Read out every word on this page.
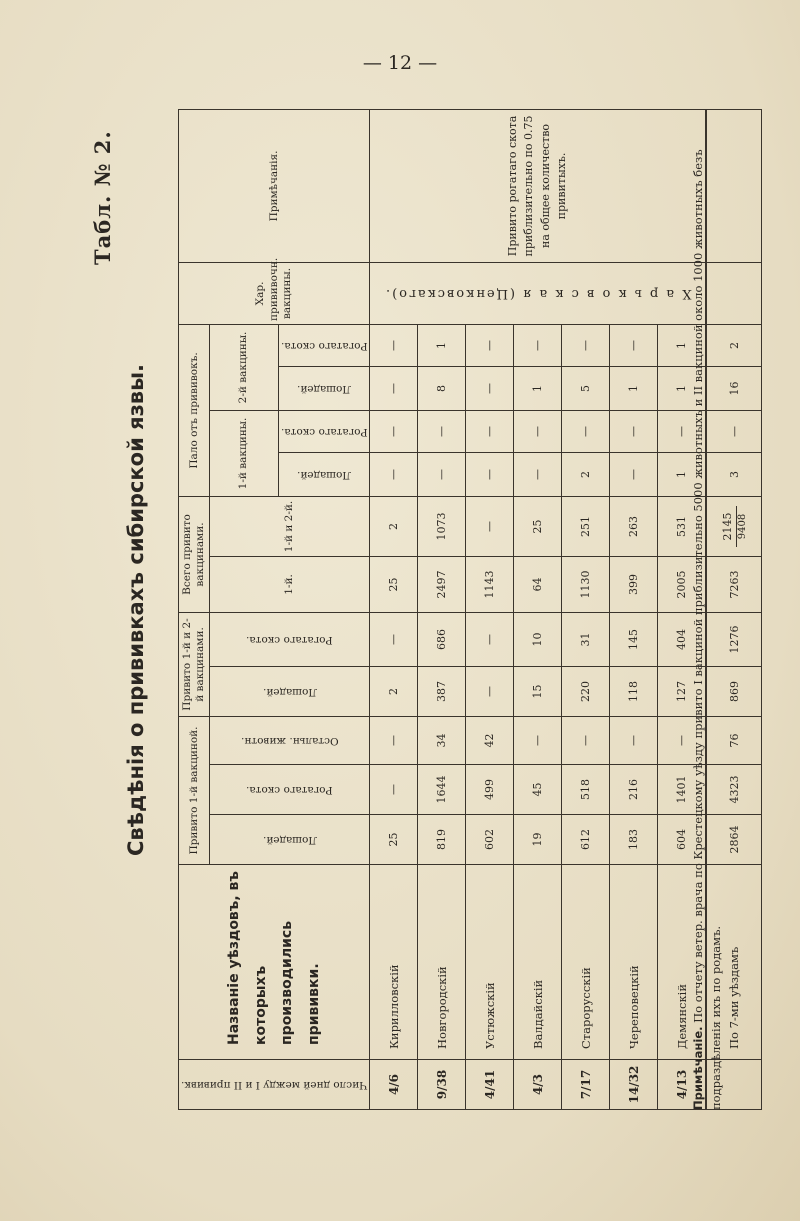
— 12 —
Табл. № 2.
Свѣдѣнія о прививкахъ сибирской язвы.
Число дней между I и II прививк.	Названіе уѣздовъ, въ которыхъ производились прививки.	Привито 1-й вакциной.			Привито 1-й и 2-й вакцинами.		Всего привито вакцинами.		Пало отъ прививокъ.				Хар. прививочн. вакцины.	Примѣчанія.

		Лошадей.	Рогатаго скота.	Остальн. животн.	Лошадей.	Рогатаго скота.	1-й.	1-й и 2-й.	1-й вакцины.		2-й вакцины.			

									Лошадей.	Рогатаго скота.	Лошадей.	Рогатаго скота.		

4/6	Кирилловскій	25	—	—	2	—	25	2	—	—	—	—	Х а р ь к о в с к а я (Ценковскаго).	Привито рогатаго скота приблизительно по 0.75 на общее количество привитыхъ.
9/38	Новгородскій	819	1644	34	387	686	2497	1073	—	—	8	1		
4/41	Устюжскій	602	499	42	—	—	1143	—	—	—	—	—		
4/3	Валдайскій	19	45	—	15	10	64	25	—	—	1	—		
7/17	Старорусскій	612	518	—	220	31	1130	251	2	—	5	—		
14/32	Череповецкій	183	216	—	118	145	399	263	—	—	1	—		
4/13	Демянскій	604	1401	—	127	404	2005	531	1	—	1	1		
	По 7-ми уѣздамъ	2864	4323	76	869	1276	7263	2145 9408	3	—	16	2		
Примѣчаніе. По отчету ветер. врача по Крестецкому уѣзду привито I вакциной приблизительно 5000 животныхъ и II вакциной около 1000 животныхъ безъ подраздѣленія ихъ по родамъ.
